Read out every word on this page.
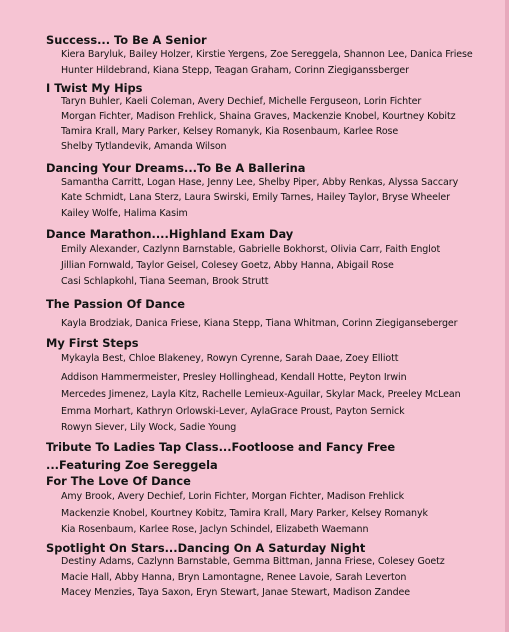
Success... To Be A Senior
Kiera Baryluk, Bailey Holzer, Kirstie Yergens, Zoe Sereggela, Shannon Lee, Danica Friese
Hunter Hildebrand, Kiana Stepp, Teagan Graham, Corinn Ziegiganssberger
I Twist My Hips
Taryn Buhler, Kaeli Coleman, Avery Dechief, Michelle Ferguseon, Lorin Fichter
Morgan Fichter, Madison Frehlick, Shaina Graves, Mackenzie Knobel, Kourtney Kobitz
Tamira Krall, Mary Parker, Kelsey Romanyk, Kia Rosenbaum, Karlee Rose
Shelby Tytlandevik, Amanda Wilson
Dancing Your Dreams...To Be A Ballerina
Samantha Carritt, Logan Hase, Jenny Lee, Shelby Piper, Abby Renkas, Alyssa Saccary
Kate Schmidt, Lana Sterz, Laura Swirski, Emily Tarnes, Hailey Taylor, Bryse Wheeler
Kailey Wolfe, Halima Kasim
Dance Marathon....Highland Exam Day
Emily Alexander, Cazlynn Barnstable, Gabrielle Bokhorst, Olivia Carr, Faith Englot
Jillian Fornwald, Taylor Geisel, Colesey Goetz, Abby Hanna, Abigail Rose
Casi Schlapkohl, Tiana Seeman, Brook Strutt
The Passion Of Dance
Kayla Brodziak, Danica Friese, Kiana Stepp, Tiana Whitman, Corinn Ziegiganseberger
My First Steps
Mykayla Best, Chloe Blakeney, Rowyn Cyrenne, Sarah Daae, Zoey Elliott
Addison Hammermeister, Presley Hollinghead, Kendall Hotte, Peyton Irwin
Mercedes Jimenez, Layla Kitz, Rachelle Lemieux-Aguilar, Skylar Mack, Preeley McLean
Emma Morhart, Kathryn Orlowski-Lever, AylaGrace Proust, Payton Sernick
Rowyn Siever, Lily Wock, Sadie Young
Tribute To Ladies Tap Class...Footloose and Fancy Free
...Featuring Zoe Sereggela
For The Love Of Dance
Amy Brook, Avery Dechief, Lorin Fichter, Morgan Fichter, Madison Frehlick
Mackenzie Knobel, Kourtney Kobitz, Tamira Krall, Mary Parker, Kelsey Romanyk
Kia Rosenbaum, Karlee Rose, Jaclyn Schindel, Elizabeth Waemann
Spotlight On Stars...Dancing On A Saturday Night
Destiny Adams, Cazlynn Barnstable, Gemma Bittman, Janna Friese, Colesey Goetz
Macie Hall, Abby Hanna, Bryn Lamontagne, Renee Lavoie, Sarah Leverton
Macey Menzies, Taya Saxon, Eryn Stewart, Janae Stewart, Madison Zandee
